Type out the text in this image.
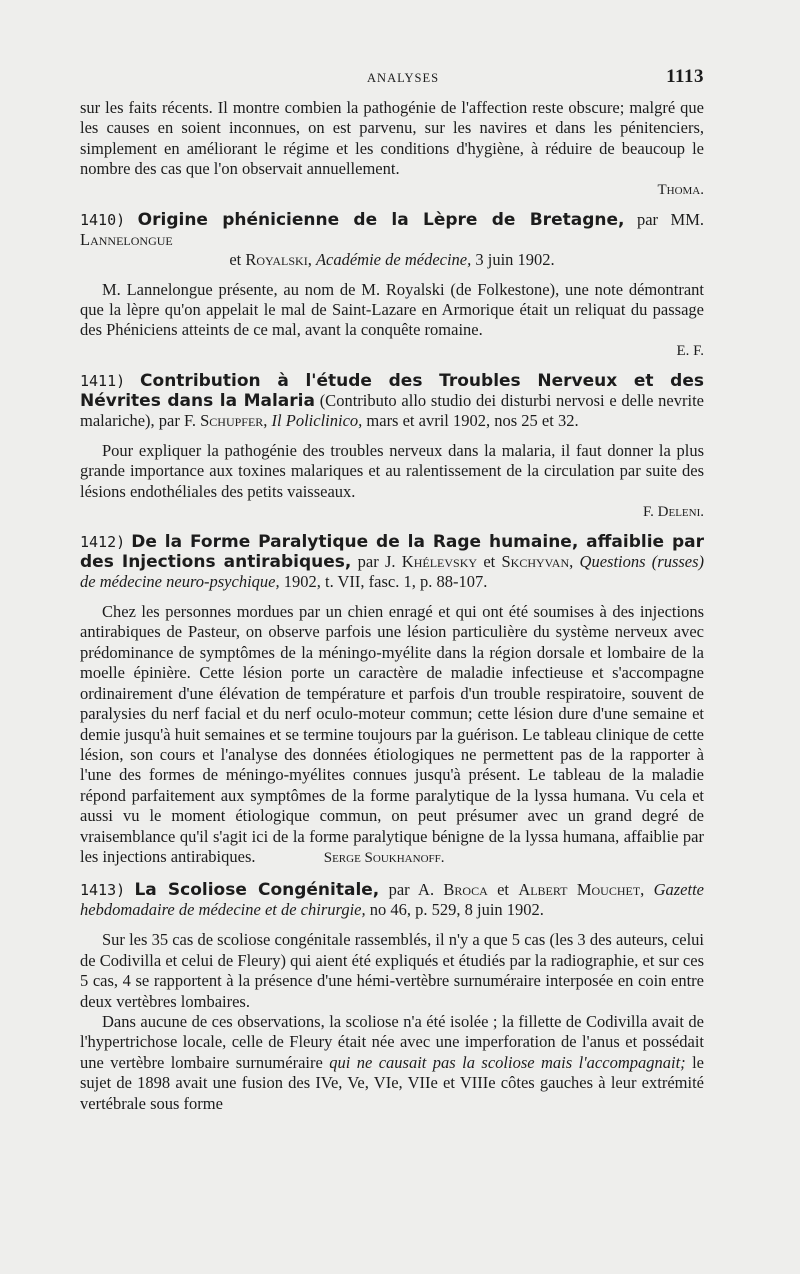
ANALYSES	1113

sur les faits récents. Il montre combien la pathogénie de l'affection reste obscure; malgré que les causes en soient inconnues, on est parvenu, sur les navires et dans les pénitenciers, simplement en améliorant le régime et les conditions d'hygiène, à réduire de beaucoup le nombre des cas que l'on observait annuellement.

Thoma.
1410) Origine phénicienne de la Lèpre de Bretagne, par MM. Lannelongue
et Royalski, Académie de médecine, 3 juin 1902.

M. Lannelongue présente, au nom de M. Royalski (de Folkestone), une note démontrant que la lèpre qu'on appelait le mal de Saint-Lazare en Armorique était un reliquat du passage des Phéniciens atteints de ce mal, avant la conquête romaine.

E. F.
1411) Contribution à l'étude des Troubles Nerveux et des Névrites dans la Malaria (Contributo allo studio dei disturbi nervosi e delle nevrite malariche), par F. Schupfer, Il Policlinico, mars et avril 1902, nos 25 et 32.

Pour expliquer la pathogénie des troubles nerveux dans la malaria, il faut donner la plus grande importance aux toxines malariques et au ralentissement de la circulation par suite des lésions endothéliales des petits vaisseaux.

F. Deleni.
1412) De la Forme Paralytique de la Rage humaine, affaiblie par des Injections antirabiques, par J. Khélevsky et Skchyvan, Questions (russes) de médecine neuro-psychique, 1902, t. VII, fasc. 1, p. 88-107.

Chez les personnes mordues par un chien enragé et qui ont été soumises à des injections antirabiques de Pasteur, on observe parfois une lésion particulière du système nerveux avec prédominance de symptômes de la méningo-myélite dans la région dorsale et lombaire de la moelle épinière. Cette lésion porte un caractère de maladie infectieuse et s'accompagne ordinairement d'une élévation de température et parfois d'un trouble respiratoire, souvent de paralysies du nerf facial et du nerf oculo-moteur commun; cette lésion dure d'une semaine et demie jusqu'à huit semaines et se termine toujours par la guérison. Le tableau clinique de cette lésion, son cours et l'analyse des données étiologiques ne permettent pas de la rapporter à l'une des formes de méningo-myélites connues jusqu'à présent. Le tableau de la maladie répond parfaitement aux symptômes de la forme paralytique de la lyssa humana. Vu cela et aussi vu le moment étiologique commun, on peut présumer avec un grand degré de vraisemblance qu'il s'agit ici de la forme paralytique bénigne de la lyssa humana, affaiblie par les injections antirabiques.	Serge Soukhanoff.

1413) La Scoliose Congénitale, par A. Broca et Albert Mouchet, Gazette hebdomadaire de médecine et de chirurgie, no 46, p. 529, 8 juin 1902.

Sur les 35 cas de scoliose congénitale rassemblés, il n'y a que 5 cas (les 3 des auteurs, celui de Codivilla et celui de Fleury) qui aient été expliqués et étudiés par la radiographie, et sur ces 5 cas, 4 se rapportent à la présence d'une hémi-vertèbre surnuméraire interposée en coin entre deux vertèbres lombaires.

Dans aucune de ces observations, la scoliose n'a été isolée ; la fillette de Codivilla avait de l'hypertrichose locale, celle de Fleury était née avec une imperforation de l'anus et possédait une vertèbre lombaire surnuméraire qui ne causait pas la scoliose mais l'accompagnait; le sujet de 1898 avait une fusion des IVe, Ve, VIe, VIIe et VIIIe côtes gauches à leur extrémité vertébrale sous forme
